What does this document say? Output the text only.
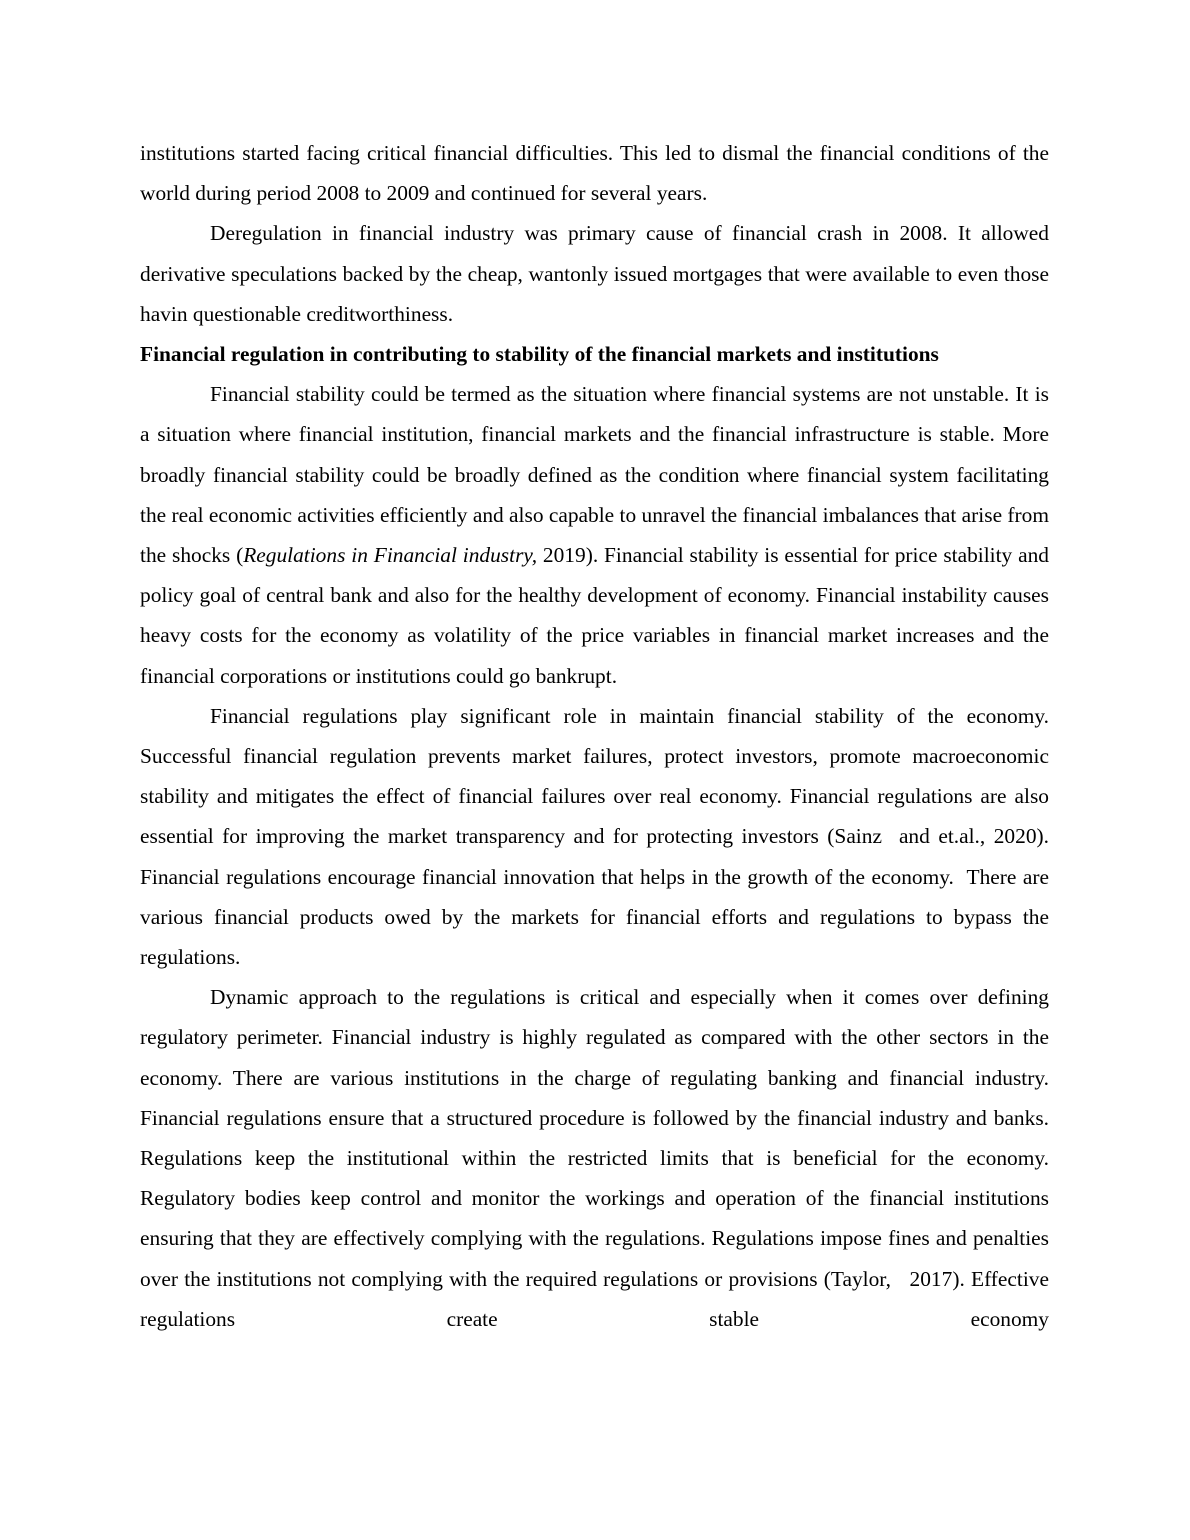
institutions started facing critical financial difficulties. This led to dismal the financial conditions of the world during period 2008 to 2009 and continued for several years.

Deregulation in financial industry was primary cause of financial crash in 2008. It allowed derivative speculations backed by the cheap, wantonly issued mortgages that were available to even those havin questionable creditworthiness.

Financial regulation in contributing to stability of the financial markets and institutions

Financial stability could be termed as the situation where financial systems are not unstable. It is a situation where financial institution, financial markets and the financial infrastructure is stable. More broadly financial stability could be broadly defined as the condition where financial system facilitating the real economic activities efficiently and also capable to unravel the financial imbalances that arise from the shocks (Regulations in Financial industry, 2019). Financial stability is essential for price stability and policy goal of central bank and also for the healthy development of economy. Financial instability causes heavy costs for the economy as volatility of the price variables in financial market increases and the financial corporations or institutions could go bankrupt.

Financial regulations play significant role in maintain financial stability of the economy. Successful financial regulation prevents market failures, protect investors, promote macroeconomic stability and mitigates the effect of financial failures over real economy. Financial regulations are also essential for improving the market transparency and for protecting investors (Sainz  and et.al., 2020). Financial regulations encourage financial innovation that helps in the growth of the economy.  There are various financial products owed by the markets for financial efforts and regulations to bypass the regulations.

Dynamic approach to the regulations is critical and especially when it comes over defining regulatory perimeter. Financial industry is highly regulated as compared with the other sectors in the economy. There are various institutions in the charge of regulating banking and financial industry. Financial regulations ensure that a structured procedure is followed by the financial industry and banks. Regulations keep the institutional within the restricted limits that is beneficial for the economy. Regulatory bodies keep control and monitor the workings and operation of the financial institutions ensuring that they are effectively complying with the regulations. Regulations impose fines and penalties over the institutions not complying with the required regulations or provisions (Taylor,   2017). Effective regulations create stable economy
